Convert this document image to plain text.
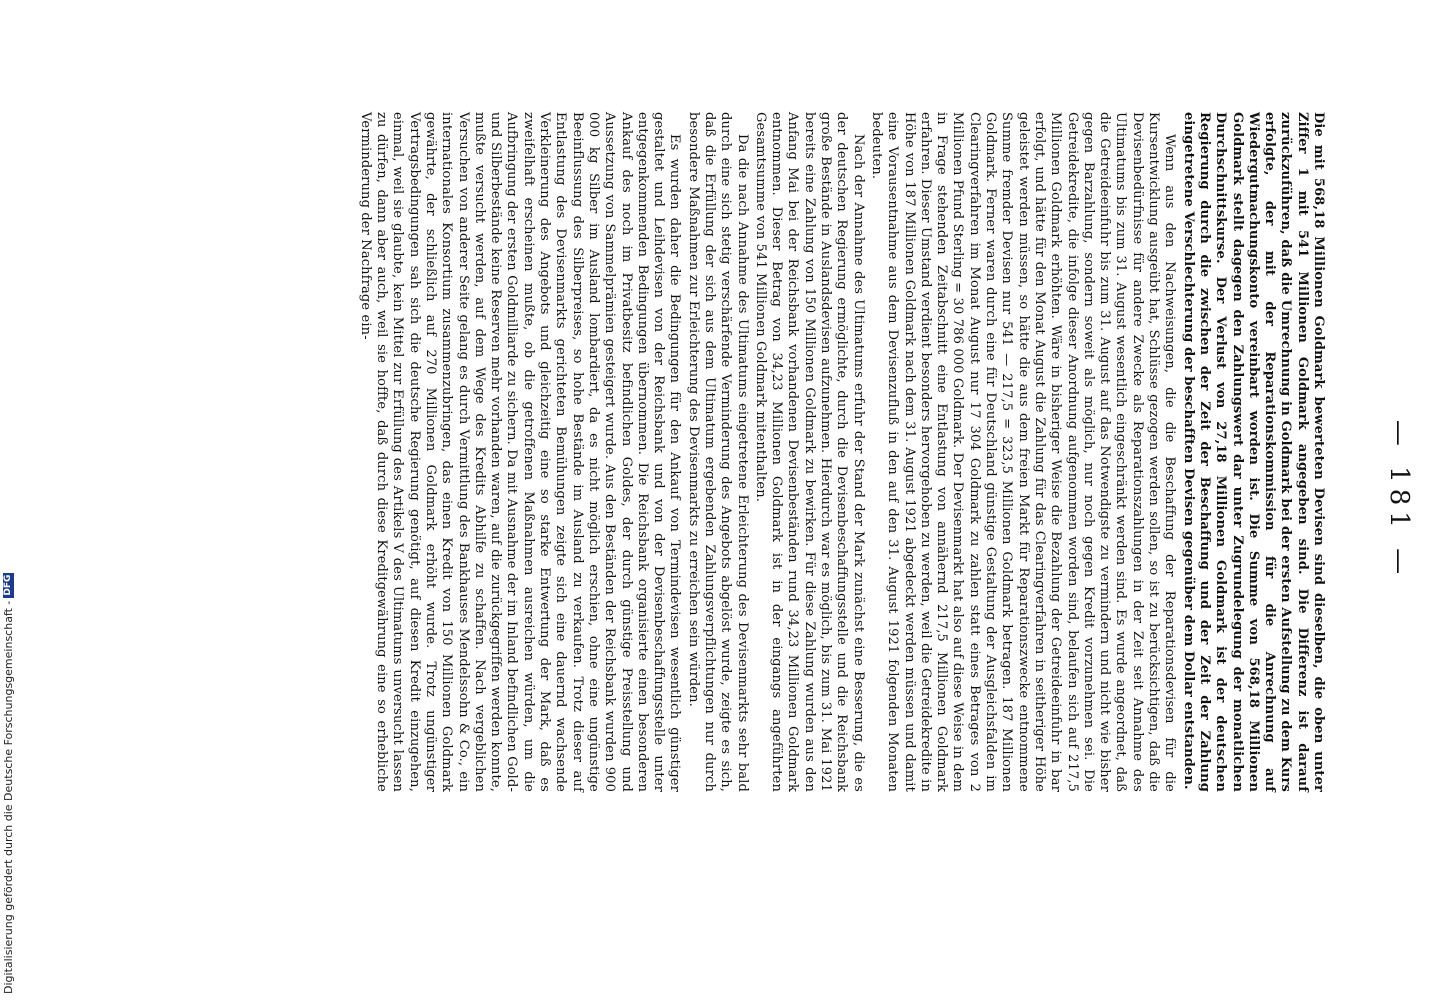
— 181 —

Die mit 568,18 Millionen Goldmark bewerteten Devisen sind dieselben, die oben unter Ziffer 1 mit 541 Millionen Goldmark angegeben sind. Die Differenz ist darauf zurückzuführen, daß die Umrechnung in Goldmark bei der ersten Aufstellung zu dem Kurs erfolgte, der mit der Reparationskommission für die Anrechnung auf Wiedergutmachungskonto vereinbart worden ist. Die Summe von 568,18 Millionen Goldmark stellt dagegen den Zahlungswert dar unter Zugrundelegung der monatlichen Durchschnittskurse. Der Verlust von 27,18 Millionen Goldmark ist der deutschen Regierung durch die zwischen der Zeit der Beschaffung und der Zeit der Zahlung eingetretene Verschlechterung der beschafften Devisen gegenüber dem Dollar entstanden.

Wenn aus den Nachweisungen, die die Beschaffung der Reparationsdevisen für die Kursentwicklung ausgeübt hat, Schlüsse gezogen werden sollen, so ist zu berücksichtigen, daß die Devisenbedürfnisse für andere Zwecke als Reparationszahlungen in der Zeit seit Annahme des Ultimatums bis zum 31. August wesentlich eingeschränkt werden sind. Es wurde angeordnet, daß die Getreideeinfuhr bis zum 31. August auf das Notwendigste zu vermindern und nicht wie bisher gegen Barzahlung, sondern soweit als möglich, nur noch gegen Kredit vorzunehmen sei. Die Getreidekredite, die infolge dieser Anordnung aufgenommen worden sind, belaufen sich auf 217,5 Millionen Goldmark erhöhten. Wäre in bisheriger Weise die Bezahlung der Getreideeinfuhr in bar erfolgt, und hätte für den Monat August die Zahlung für das Clearingverfahren in seitheriger Höhe geleistet werden müssen, so hätte die aus dem freien Markt für Reparationszwecke entnommene Summe fremder Devisen nur 541 — 217,5 = 323,5 Millionen Goldmark betragen. 187 Millionen Goldmark. Ferner waren durch eine für Deutschland günstige Gestaltung der Ausgleichsfalden im Clearingverfahren im Monat August nur 17 304 Goldmark zu zahlen statt eines Betrages von 2 Millionen Pfund Sterling = 30 786 000 Goldmark. Der Devisenmarkt hat also auf diese Weise in dem in Frage stehenden Zeitabschnitt eine Entlastung von annähernd 217,5 Millionen Goldmark erfahren. Dieser Umstand verdient besonders hervorgehoben zu werden, weil die Getreidekredite in Höhe von 187 Millionen Goldmark nach dem 31. August 1921 abgedeckt werden müssen und damit eine Vorausentnahme aus dem Devisenzufluß in den auf den 31. August 1921 folgenden Monaten bedeuten.

Nach der Annahme des Ultimatums erfuhr der Stand der Mark zunächst eine Besserung, die es der deutschen Regierung ermöglichte, durch die Devisenbeschaffungsstelle und die Reichsbank große Bestände in Auslandsdevisen aufzunehmen. Hierdurch war es möglich, bis zum 31. Mai 1921 bereits eine Zahlung von 150 Millionen Goldmark zu bewirken. Für diese Zahlung wurden aus den Anfang Mai bei der Reichsbank vorhandenen Devisenbeständen rund 34,23 Millionen Goldmark entnommen. Dieser Betrag von 34,23 Millionen Goldmark ist in der eingangs angeführten Gesamtsumme von 541 Millionen Goldmark mitenthalten.

Da die nach Annahme des Ultimatums eingetretene Erleichterung des Devisenmarkts sehr bald durch eine sich stetig verschärfende Verminderung des Angebots abgelöst wurde, zeigte es sich, daß die Erfüllung der sich aus dem Ultimatum ergebenden Zahlungsverpflichtungen nur durch besondere Maßnahmen zur Erleichterung des Devisenmarkts zu erreichen sein würden.

Es wurden daher die Bedingungen für den Ankauf von Termindevisen wesentlich günstiger gestaltet und Leihdevisen von der Reichsbank und von der Devisenbeschaffungsstelle unter entgegenkommenden Bedingungen übernommen. Die Reichsbank organisierte einen besonderen Ankauf des noch im Privatbesitz befindlichen Goldes, der durch günstige Preisstellung und Aussetzung von Sammelprämien gesteigert wurde. Aus den Beständen der Reichsbank wurden 900 000 kg Silber im Ausland lombardiert, da es nicht möglich erschien, ohne eine ungünstige Beeinflussung des Silberpreises, so hohe Bestände im Ausland zu verkaufen. Trotz dieser auf Entlastung des Devisenmarkts gerichteten Bemühungen zeigte sich eine dauernd wachsende Verkleinerung des Angebots und gleichzeitig eine so starke Entwertung der Mark, daß es zweifelhaft erscheinen mußte, ob die getroffenen Maßnahmen ausreichen würden, um die Aufbringung der ersten Goldmilliarde zu sichern. Da mit Ausnahme der im Inland befindlichen Gold- und Silberbestände keine Reserven mehr vorhanden waren, auf die zurückgegriffen werden konnte, mußte versucht werden, auf dem Wege des Kredits Abhilfe zu schaffen. Nach vergeblichen Versuchen von anderer Seite gelang es durch Vermittlung des Bankhauses Mendelssohn & Co., ein internationales Konsortium zusammenzubringen, das einen Kredit von 150 Millionen Goldmark gewährte, der schließlich auf 270 Millionen Goldmark erhöht wurde. Trotz ungünstiger Vertragsbedingungen sah sich die deutsche Regierung genötigt, auf diesen Kredit einzugehen, einmal, weil sie glaubte, kein Mittel zur Erfüllung des Artikels V des Ultimatums unversucht lassen zu dürfen, dann aber auch, weil sie hoffte, daß durch diese Kreditgewährung eine so erhebliche Verminderung der Nachfrage ein-

Digitalisierung gefördert durch die Deutsche Forschungsgemeinschaft -
DFG
